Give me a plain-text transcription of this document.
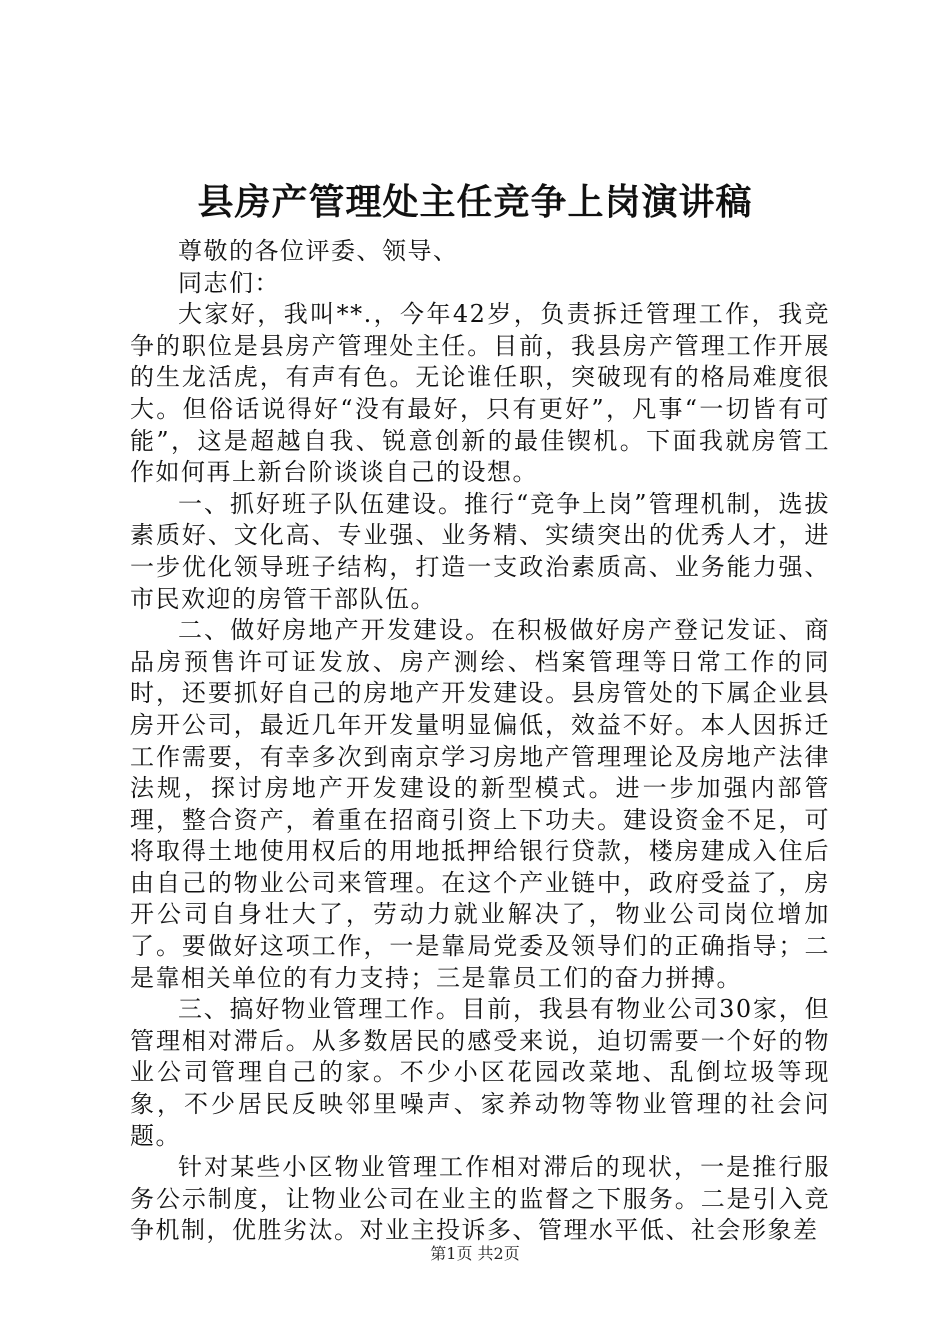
县房产管理处主任竞争上岗演讲稿

尊敬的各位评委、领导、

同志们：

大家好，我叫**.，今年42岁，负责拆迁管理工作，我竞争的职位是县房产管理处主任。目前，我县房产管理工作开展的生龙活虎，有声有色。无论谁任职，突破现有的格局难度很大。但俗话说得好“没有最好，只有更好”，凡事“一切皆有可能”，这是超越自我、锐意创新的最佳锲机。下面我就房管工作如何再上新台阶谈谈自己的设想。

一、抓好班子队伍建设。推行“竞争上岗”管理机制，选拔素质好、文化高、专业强、业务精、实绩突出的优秀人才，进一步优化领导班子结构，打造一支政治素质高、业务能力强、市民欢迎的房管干部队伍。

二、做好房地产开发建设。在积极做好房产登记发证、商品房预售许可证发放、房产测绘、档案管理等日常工作的同时，还要抓好自己的房地产开发建设。县房管处的下属企业县房开公司，最近几年开发量明显偏低，效益不好。本人因拆迁工作需要，有幸多次到南京学习房地产管理理论及房地产法律法规，探讨房地产开发建设的新型模式。进一步加强内部管理，整合资产，着重在招商引资上下功夫。建设资金不足，可将取得土地使用权后的用地抵押给银行贷款，楼房建成入住后由自己的物业公司来管理。在这个产业链中，政府受益了，房开公司自身壮大了，劳动力就业解决了，物业公司岗位增加了。要做好这项工作，一是靠局党委及领导们的正确指导；二是靠相关单位的有力支持；三是靠员工们的奋力拼搏。

三、搞好物业管理工作。目前，我县有物业公司30家，但管理相对滞后。从多数居民的感受来说，迫切需要一个好的物业公司管理自己的家。不少小区花园改菜地、乱倒垃圾等现象，不少居民反映邻里噪声、家养动物等物业管理的社会问题。

针对某些小区物业管理工作相对滞后的现状，一是推行服务公示制度，让物业公司在业主的监督之下服务。二是引入竞争机制，优胜劣汰。对业主投诉多、管理水平低、社会形象差

第1页 共2页
